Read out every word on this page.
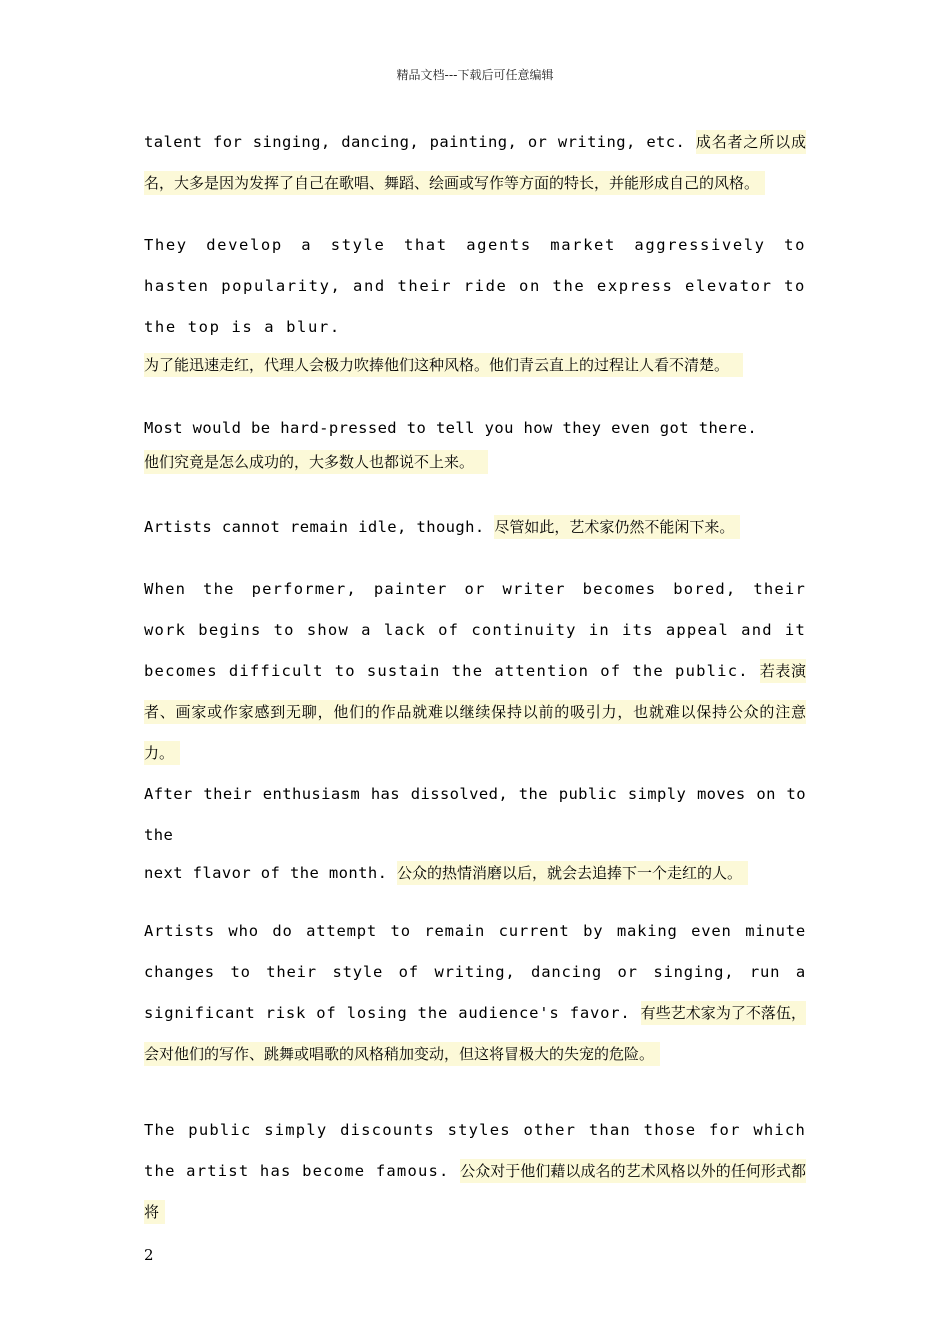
精品文档---下载后可任意编辑

talent for singing, dancing, painting, or writing, etc. 成名者之所以成名，大多是因为发挥了自己在歌唱、舞蹈、绘画或写作等方面的特长，并能形成自己的风格。

They develop a style that agents market aggressively to hasten popularity, and their ride on the express elevator to the top is a blur.

为了能迅速走红，代理人会极力吹捧他们这种风格。他们青云直上的过程让人看不清楚。

Most would be hard-pressed to tell you how they even got there.

他们究竟是怎么成功的，大多数人也都说不上来。

Artists cannot remain idle, though. 尽管如此，艺术家仍然不能闲下来。

When the performer, painter or writer becomes bored, their work begins to show a lack of continuity in its appeal and it becomes difficult to sustain the attention of the public. 若表演者、画家或作家感到无聊，他们的作品就难以继续保持以前的吸引力，也就难以保持公众的注意力。

After their enthusiasm has dissolved, the public simply moves on to the

next flavor of the month. 公众的热情消磨以后，就会去追捧下一个走红的人。

Artists who do attempt to remain current by making even minute changes to their style of writing, dancing or singing, run a significant risk of losing the audience's favor. 有些艺术家为了不落伍，会对他们的写作、跳舞或唱歌的风格稍加变动，但这将冒极大的失宠的危险。

The public simply discounts styles other than those for which the artist has become famous. 公众对于他们藉以成名的艺术风格以外的任何形式都将

2
